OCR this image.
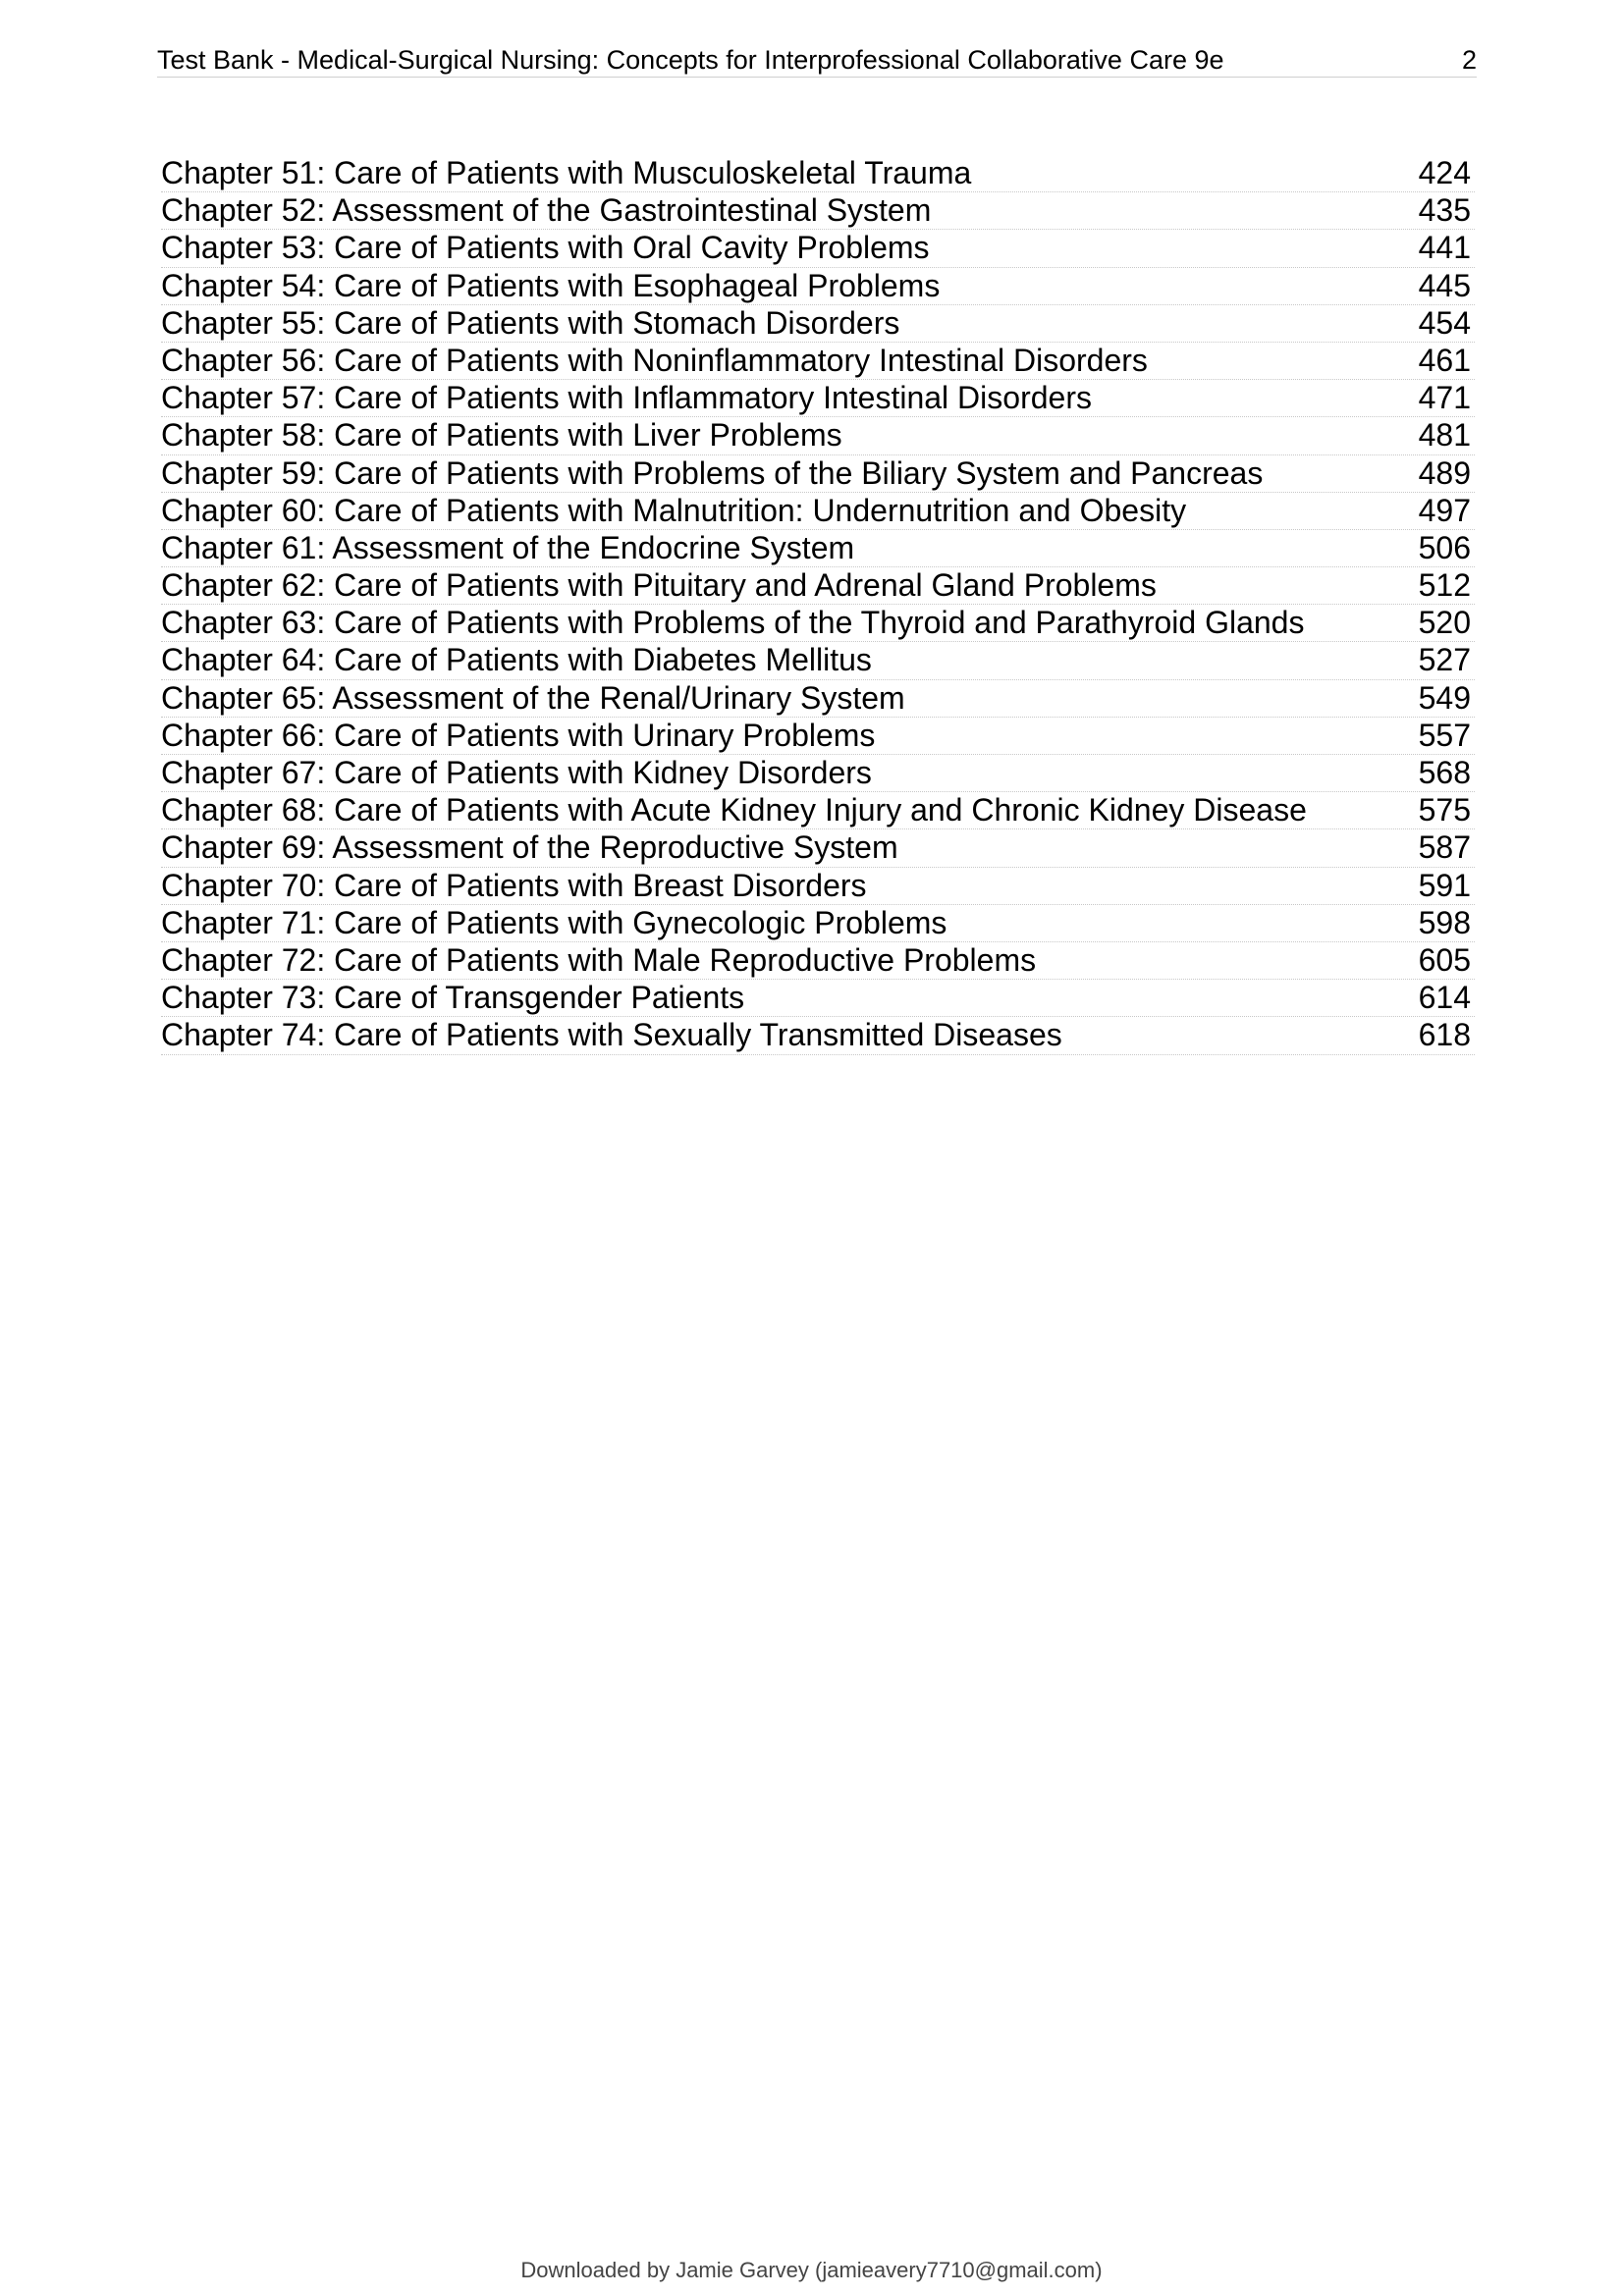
Test Bank - Medical-Surgical Nursing: Concepts for Interprofessional Collaborative Care 9e	2
Chapter 51: Care of Patients with Musculoskeletal Trauma	424
Chapter 52: Assessment of the Gastrointestinal System	435
Chapter 53: Care of Patients with Oral Cavity Problems	441
Chapter 54: Care of Patients with Esophageal Problems	445
Chapter 55: Care of Patients with Stomach Disorders	454
Chapter 56: Care of Patients with Noninflammatory Intestinal Disorders	461
Chapter 57: Care of Patients with Inflammatory Intestinal Disorders	471
Chapter 58: Care of Patients with Liver Problems	481
Chapter 59: Care of Patients with Problems of the Biliary System and Pancreas	489
Chapter 60: Care of Patients with Malnutrition: Undernutrition and Obesity	497
Chapter 61: Assessment of the Endocrine System	506
Chapter 62: Care of Patients with Pituitary and Adrenal Gland Problems	512
Chapter 63: Care of Patients with Problems of the Thyroid and Parathyroid Glands	520
Chapter 64: Care of Patients with Diabetes Mellitus	527
Chapter 65: Assessment of the Renal/Urinary System	549
Chapter 66: Care of Patients with Urinary Problems	557
Chapter 67: Care of Patients with Kidney Disorders	568
Chapter 68: Care of Patients with Acute Kidney Injury and Chronic Kidney Disease	575
Chapter 69: Assessment of the Reproductive System	587
Chapter 70: Care of Patients with Breast Disorders	591
Chapter 71: Care of Patients with Gynecologic Problems	598
Chapter 72: Care of Patients with Male Reproductive Problems	605
Chapter 73: Care of Transgender Patients	614
Chapter 74: Care of Patients with Sexually Transmitted Diseases	618
Downloaded by Jamie Garvey (jamieavery7710@gmail.com)
